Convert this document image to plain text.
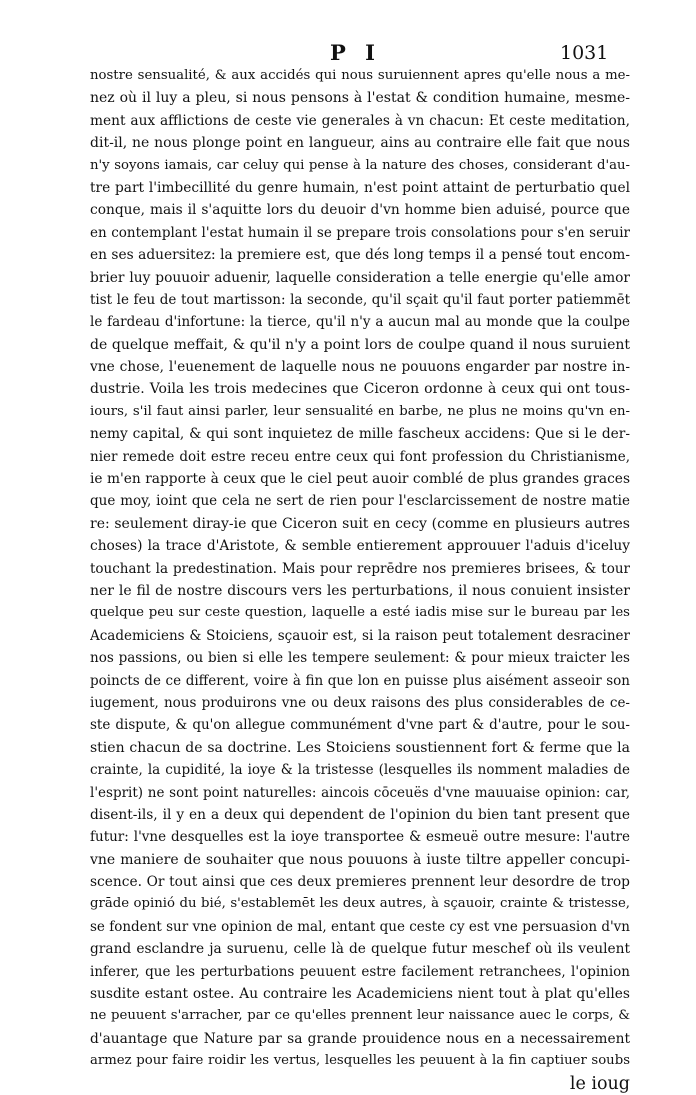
P I	1031
nostre sensualité, & aux accidés qui nous suruiennent apres qu'elle nous a me-
nez où il luy a pleu, si nous pensons à l'estat & condition humaine, mesme-
ment aux afflictions de ceste vie generales à vn chacun: Et ceste meditation,
dit-il, ne nous plonge point en langueur, ains au contraire elle fait que nous
n'y soyons iamais, car celuy qui pense à la nature des choses, considerant d'au-
tre part l'imbecillité du genre humain, n'est point attaint de perturbatio quel
conque, mais il s'aquitte lors du deuoir d'vn homme bien aduisé, pource que
en contemplant l'estat humain il se prepare trois consolations pour s'en seruir
en ses aduersitez: la premiere est, que dés long temps il a pensé tout encom-
brier luy pouuoir aduenir, laquelle consideration a telle energie qu'elle amor
tist le feu de tout martisson: la seconde, qu'il sçait qu'il faut porter patiemmēt
le fardeau d'infortune: la tierce, qu'il n'y a aucun mal au monde que la coulpe
de quelque meffait, & qu'il n'y a point lors de coulpe quand il nous suruient
vne chose, l'euenement de laquelle nous ne pouuons engarder par nostre in-
dustrie. Voila les trois medecines que Ciceron ordonne à ceux qui ont tous-
iours, s'il faut ainsi parler, leur sensualité en barbe, ne plus ne moins qu'vn en-
nemy capital, & qui sont inquietez de mille fascheux accidens: Que si le der-
nier remede doit estre receu entre ceux qui font profession du Christianisme,
ie m'en rapporte à ceux que le ciel peut auoir comblé de plus grandes graces
que moy, ioint que cela ne sert de rien pour l'esclarcissement de nostre matie
re: seulement diray-ie que Ciceron suit en cecy (comme en plusieurs autres
choses) la trace d'Aristote, & semble entierement approuuer l'aduis d'iceluy
touchant la predestination. Mais pour reprēdre nos premieres brisees, & tour
ner le fil de nostre discours vers les perturbations, il nous conuient insister
quelque peu sur ceste question, laquelle a esté iadis mise sur le bureau par les
Academiciens & Stoiciens, sçauoir est, si la raison peut totalement desraciner
nos passions, ou bien si elle les tempere seulement: & pour mieux traicter les
poincts de ce different, voire à fin que lon en puisse plus aisément asseoir son
iugement, nous produirons vne ou deux raisons des plus considerables de ce-
ste dispute, & qu'on allegue communément d'vne part & d'autre, pour le sou-
stien chacun de sa doctrine. Les Stoiciens soustiennent fort & ferme que la
crainte, la cupidité, la ioye & la tristesse (lesquelles ils nomment maladies de
l'esprit) ne sont point naturelles: aincois cōceuës d'vne mauuaise opinion: car,
disent-ils, il y en a deux qui dependent de l'opinion du bien tant present que
futur: l'vne desquelles est la ioye transportee & esmeuë outre mesure: l'autre
vne maniere de souhaiter que nous pouuons à iuste tiltre appeller concupi-
scence. Or tout ainsi que ces deux premieres prennent leur desordre de trop
grāde opinió du bié, s'establemēt les deux autres, à sçauoir, crainte & tristesse,
se fondent sur vne opinion de mal, entant que ceste cy est vne persuasion d'vn
grand esclandre ja suruenu, celle là de quelque futur meschef où ils veulent
inferer, que les perturbations peuuent estre facilement retranchees, l'opinion
susdite estant ostee. Au contraire les Academiciens nient tout à plat qu'elles
ne peuuent s'arracher, par ce qu'elles prennent leur naissance auec le corps, &
d'auantage que Nature par sa grande prouidence nous en a necessairement
armez pour faire roidir les vertus, lesquelles les peuuent à la fin captiuer soubs
le ioug
